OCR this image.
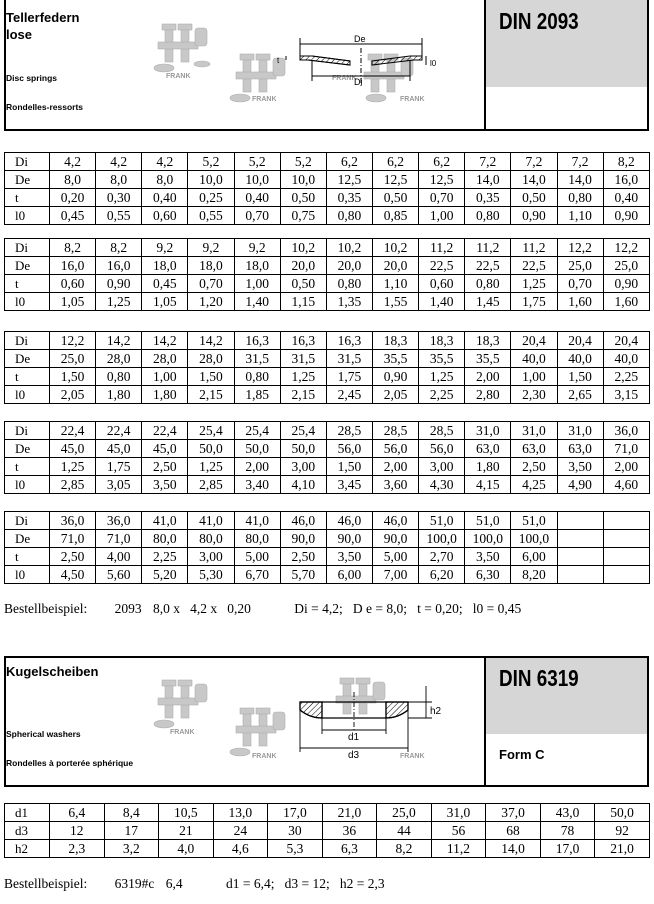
DIN 2093
Tellerfedern
lose
Disc springs
Rondelles-ressorts
FRANK
FRANK	FRANK
FRANK
De
Di
t	l0
Di	4,2	4,2	4,2	5,2	5,2	5,2	6,2	6,2	6,2	7,2	7,2	7,2	8,2
De	8,0	8,0	8,0	10,0	10,0	10,0	12,5	12,5	12,5	14,0	14,0	14,0	16,0
t	0,20	0,30	0,40	0,25	0,40	0,50	0,35	0,50	0,70	0,35	0,50	0,80	0,40
l0	0,45	0,55	0,60	0,55	0,70	0,75	0,80	0,85	1,00	0,80	0,90	1,10	0,90
Di	8,2	8,2	9,2	9,2	9,2	10,2	10,2	10,2	11,2	11,2	11,2	12,2	12,2
De	16,0	16,0	18,0	18,0	18,0	20,0	20,0	20,0	22,5	22,5	22,5	25,0	25,0
t	0,60	0,90	0,45	0,70	1,00	0,50	0,80	1,10	0,60	0,80	1,25	0,70	0,90
l0	1,05	1,25	1,05	1,20	1,40	1,15	1,35	1,55	1,40	1,45	1,75	1,60	1,60
Di	12,2	14,2	14,2	14,2	16,3	16,3	16,3	18,3	18,3	18,3	20,4	20,4	20,4
De	25,0	28,0	28,0	28,0	31,5	31,5	31,5	35,5	35,5	35,5	40,0	40,0	40,0
t	1,50	0,80	1,00	1,50	0,80	1,25	1,75	0,90	1,25	2,00	1,00	1,50	2,25
l0	2,05	1,80	1,80	2,15	1,85	2,15	2,45	2,05	2,25	2,80	2,30	2,65	3,15
Di	22,4	22,4	22,4	25,4	25,4	25,4	28,5	28,5	28,5	31,0	31,0	31,0	36,0
De	45,0	45,0	45,0	50,0	50,0	50,0	56,0	56,0	56,0	63,0	63,0	63,0	71,0
t	1,25	1,75	2,50	1,25	2,00	3,00	1,50	2,00	3,00	1,80	2,50	3,50	2,00
l0	2,85	3,05	3,50	2,85	3,40	4,10	3,45	3,60	4,30	4,15	4,25	4,90	4,60
Di	36,0	36,0	41,0	41,0	41,0	46,0	46,0	46,0	51,0	51,0	51,0		
De	71,0	71,0	80,0	80,0	80,0	90,0	90,0	90,0	100,0	100,0	100,0		
t	2,50	4,00	2,25	3,00	5,00	2,50	3,50	5,00	2,70	3,50	6,00		
l0	4,50	5,60	5,20	5,30	6,70	5,70	6,00	7,00	6,20	6,30	8,20		
Bestellbeispiel: 2093 8,0 x   4,2 x   0,20	Di = 4,2;   D e = 8,0;   t = 0,20;   l0 = 0,45
DIN 6319
Form C
Kugelscheiben
Spherical washers
Rondelles à porterée sphérique
FRANK
FRANK	FRANK
d1
d3
h2
d1	6,4	8,4	10,5	13,0	17,0	21,0	25,0	31,0	37,0	43,0	50,0
d3	12	17	21	24	30	36	44	56	68	78	92
h2	2,3	3,2	4,0	4,6	5,3	6,3	8,2	11,2	14,0	17,0	21,0
Bestellbeispiel: 6319#c 6,4	d1 = 6,4;   d3 = 12;   h2 = 2,3
